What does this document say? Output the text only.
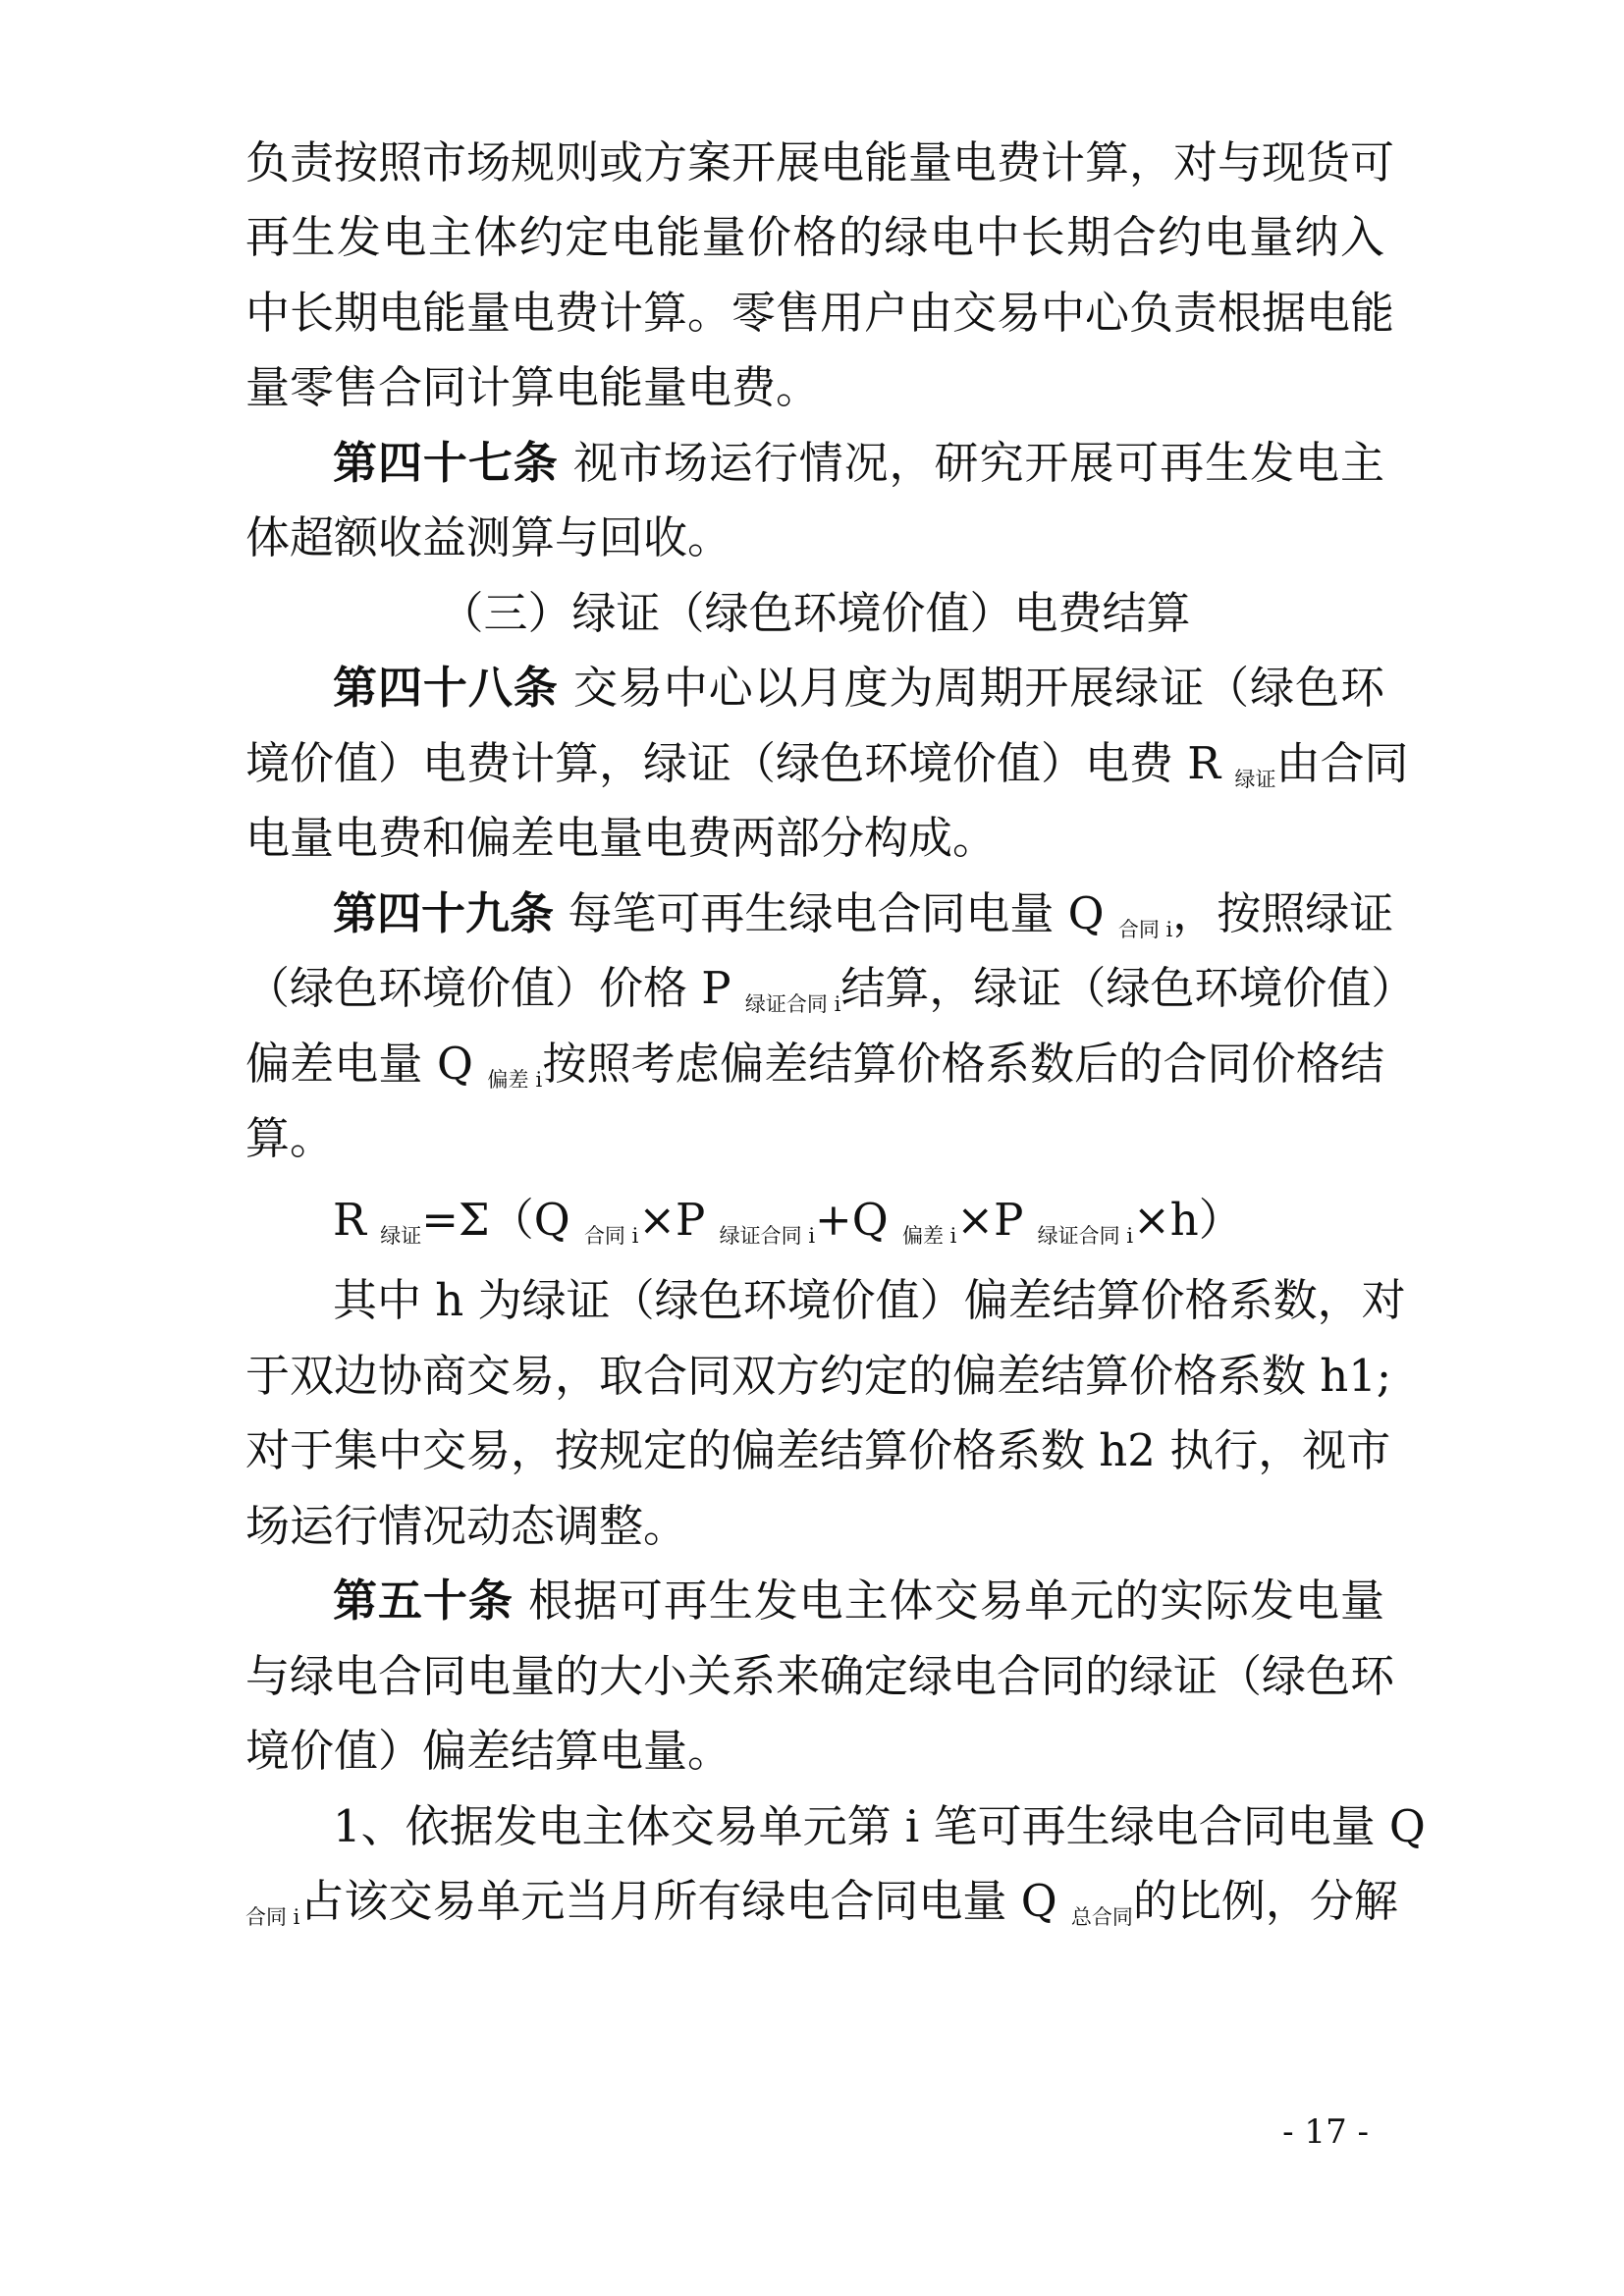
负责按照市场规则或方案开展电能量电费计算，对与现货可
再生发电主体约定电能量价格的绿电中长期合约电量纳入
中长期电能量电费计算。零售用户由交易中心负责根据电能
量零售合同计算电能量电费。
第四十七条 视市场运行情况，研究开展可再生发电主
体超额收益测算与回收。
（三）绿证（绿色环境价值）电费结算
第四十八条 交易中心以月度为周期开展绿证（绿色环
境价值）电费计算，绿证（绿色环境价值）电费 R $_{绿证}$由合同
电量电费和偏差电量电费两部分构成。
第四十九条 每笔可再生绿电合同电量 Q $_{合同 i}$，按照绿证
（绿色环境价值）价格 P $_{绿证合同 i}$结算，绿证（绿色环境价值）
偏差电量 Q $_{偏差 i}$按照考虑偏差结算价格系数后的合同价格结
算。
R $_{绿证}$=Σ（Q $_{合同 i}$×P $_{绿证合同 i}$+Q $_{偏差 i}$×P $_{绿证合同 i}$×h）
其中 h 为绿证（绿色环境价值）偏差结算价格系数，对
于双边协商交易，取合同双方约定的偏差结算价格系数 h1;
对于集中交易，按规定的偏差结算价格系数 h2 执行，视市
场运行情况动态调整。
第五十条 根据可再生发电主体交易单元的实际发电量
与绿电合同电量的大小关系来确定绿电合同的绿证（绿色环
境价值）偏差结算电量。
1、依据发电主体交易单元第 i 笔可再生绿电合同电量 Q
$_{合同 i}$占该交易单元当月所有绿电合同电量 Q $_{总合同}$的比例，分解
- 17 -
